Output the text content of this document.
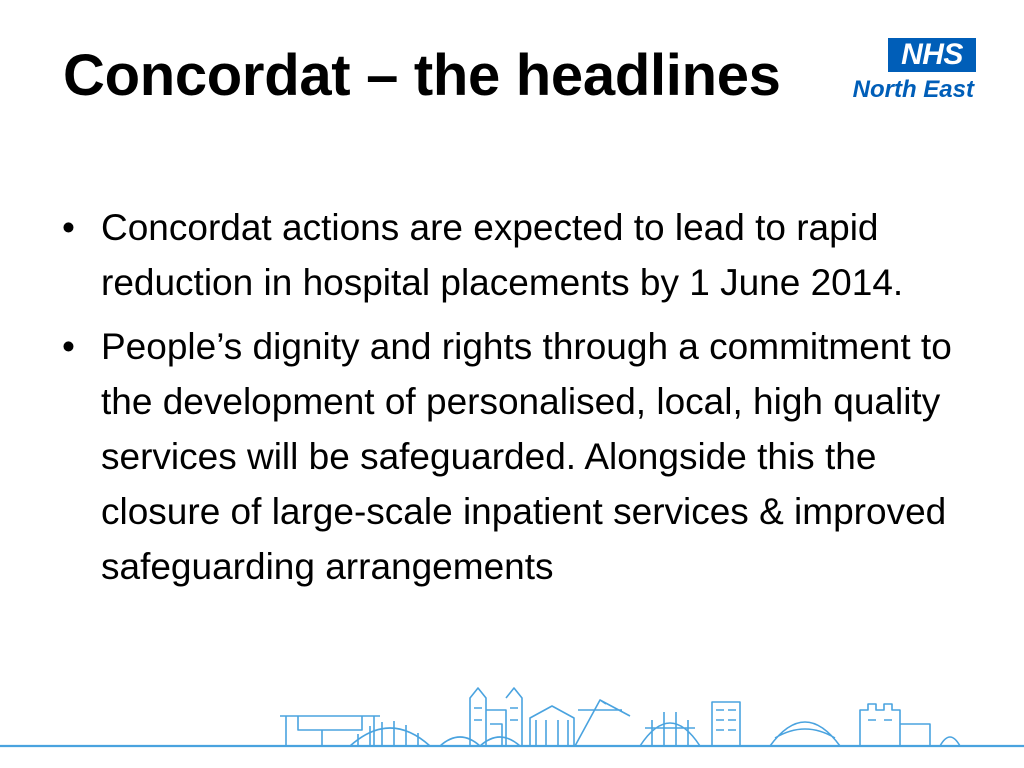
Concordat – the headlines	NHS
North East
• Concordat actions are expected to lead to rapid reduction in hospital placements by 1 June 2014.
• People’s dignity and rights through a commitment to the development of personalised, local, high quality services will be safeguarded. Alongside this the closure of large-scale inpatient services & improved safeguarding arrangements
